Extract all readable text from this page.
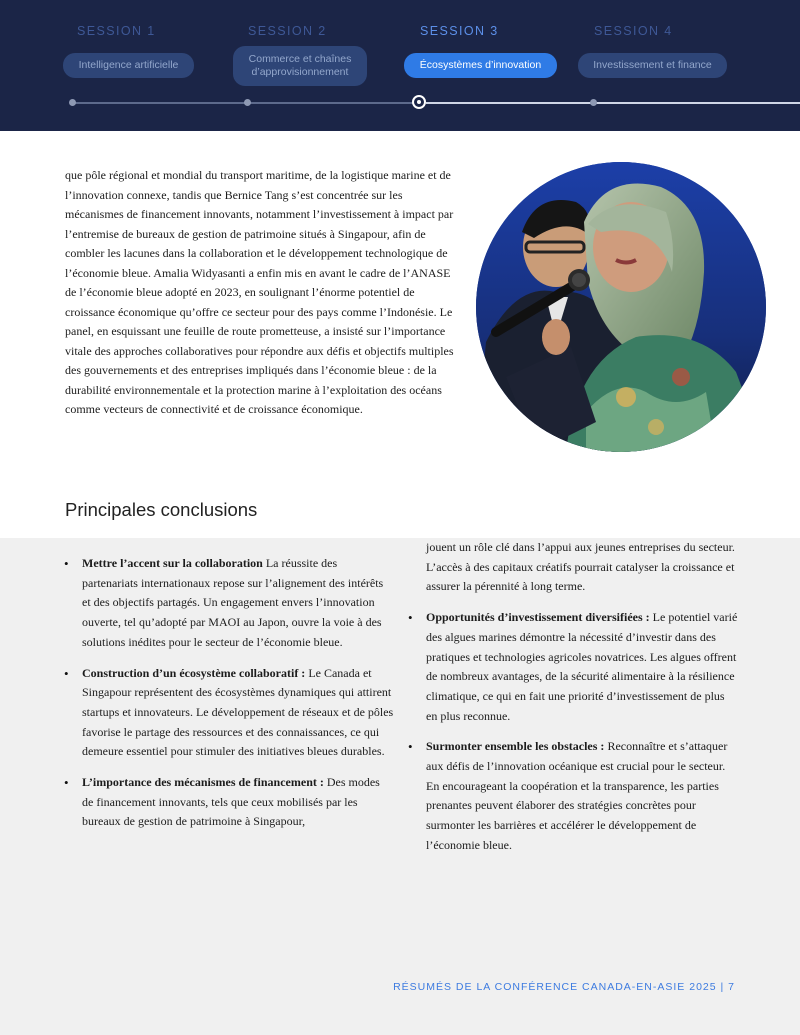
SESSION 1	SESSION 2	SESSION 3	SESSION 4
Intelligence artificielle	Commerce et chaînes d’approvisionnement
Écosystèmes d’innovation	Investissement et finance

que pôle régional et mondial du transport maritime, de la logistique marine et de l’innovation connexe, tandis que Bernice Tang s’est concentrée sur les mécanismes de financement innovants, notamment l’investissement à impact par l’entremise de bureaux de gestion de patrimoine situés à Singapour, afin de combler les lacunes dans la collaboration et le développement technologique de l’économie bleue. Amalia Widyasanti a enfin mis en avant le cadre de l’ANASE de l’économie bleue adopté en 2023, en soulignant l’énorme potentiel de croissance économique qu’offre ce secteur pour des pays comme l’Indonésie. Le panel, en esquissant une feuille de route prometteuse, a insisté sur l’importance vitale des approches collaboratives pour répondre aux défis et objectifs multiples des gouvernements et des entreprises impliqués dans l’économie bleue : de la durabilité environnementale et la protection marine à l’exploitation des océans comme vecteurs de connectivité et de croissance économique.

Principales conclusions
• Mettre l’accent sur la collaboration La réussite des partenariats internationaux repose sur l’alignement des intérêts et des objectifs partagés. Un engagement envers l’innovation ouverte, tel qu’adopté par MAOI au Japon, ouvre la voie à des solutions inédites pour le secteur de l’économie bleue.
• Construction d’un écosystème collaboratif : Le Canada et Singapour représentent des écosystèmes dynamiques qui attirent startups et innovateurs. Le développement de réseaux et de pôles favorise le partage des ressources et des connaissances, ce qui demeure essentiel pour stimuler des initiatives bleues durables.
• L’importance des mécanismes de financement : Des modes de financement innovants, tels que ceux mobilisés par les bureaux de gestion de patrimoine à Singapour,
jouent un rôle clé dans l’appui aux jeunes entreprises du secteur. L’accès à des capitaux créatifs pourrait catalyser la croissance et assurer la pérennité à long terme.
• Opportunités d’investissement diversifiées : Le potentiel varié des algues marines démontre la nécessité d’investir dans des pratiques et technologies agricoles novatrices. Les algues offrent de nombreux avantages, de la sécurité alimentaire à la résilience climatique, ce qui en fait une priorité d’investissement de plus en plus reconnue.
• Surmonter ensemble les obstacles : Reconnaître et s’attaquer aux défis de l’innovation océanique est crucial pour le secteur. En encourageant la coopération et la transparence, les parties prenantes peuvent élaborer des stratégies concrètes pour surmonter les barrières et accélérer le développement de l’économie bleue.
RÉSUMÉS DE LA CONFÉRENCE CANADA-EN-ASIE 2025 | 7
